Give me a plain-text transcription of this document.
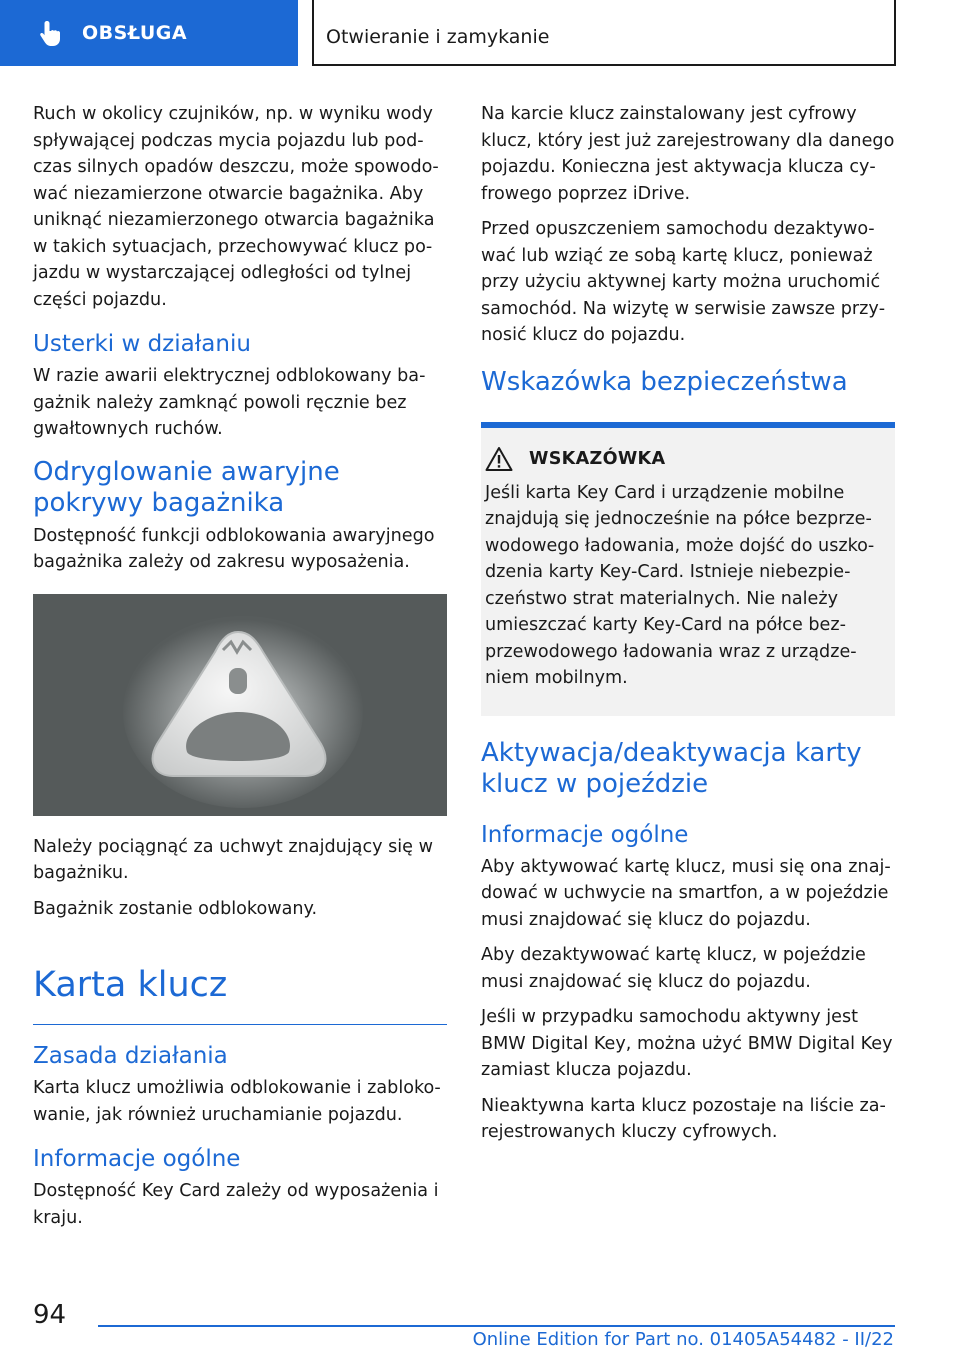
OBSŁUGA	Otwieranie i zamykanie

Ruch w okolicy czujników, np. w wyniku wody spływającej podczas mycia pojazdu lub podczas silnych opadów deszczu, może spowodować niezamierzone otwarcie bagażnika. Aby uniknąć niezamierzonego otwarcia bagażnika w takich sytuacjach, przechowywać klucz pojazdu w wystarczającej odległości od tylnej części pojazdu.

Usterki w działaniu

W razie awarii elektrycznej odblokowany bagażnik należy zamknąć powoli ręcznie bez gwałtownych ruchów.

Odryglowanie awaryjne pokrywy bagażnika

Dostępność funkcji odblokowania awaryjnego bagażnika zależy od zakresu wyposażenia.

Należy pociągnąć za uchwyt znajdujący się w bagażniku.

Bagażnik zostanie odblokowany.

Karta klucz
Zasada działania

Karta klucz umożliwia odblokowanie i zablokowanie, jak również uruchamianie pojazdu.

Informacje ogólne

Dostępność Key Card zależy od wyposażenia i kraju.

Na karcie klucz zainstalowany jest cyfrowy klucz, który jest już zarejestrowany dla danego pojazdu. Konieczna jest aktywacja klucza cyfrowego poprzez iDrive.

Przed opuszczeniem samochodu dezaktywować lub wziąć ze sobą kartę klucz, ponieważ przy użyciu aktywnej karty można uruchomić samochód. Na wizytę w serwisie zawsze przynosić klucz do pojazdu.

Wskazówka bezpieczeństwa
WSKAZÓWKA

Jeśli karta Key Card i urządzenie mobilne znajdują się jednocześnie na półce bezprzewodowego ładowania, może dojść do uszkodzenia karty Key-Card. Istnieje niebezpieczeństwo strat materialnych. Nie należy umieszczać karty Key-Card na półce bezprzewodowego ładowania wraz z urządzeniem mobilnym.

Aktywacja/deaktywacja karty klucz w pojeździe
Informacje ogólne

Aby aktywować kartę klucz, musi się ona znajdować w uchwycie na smartfon, a w pojeździe musi znajdować się klucz do pojazdu.

Aby dezaktywować kartę klucz, w pojeździe musi znajdować się klucz do pojazdu.

Jeśli w przypadku samochodu aktywny jest BMW Digital Key, można użyć BMW Digital Key zamiast klucza pojazdu.

Nieaktywna karta klucz pozostaje na liście zarejestrowanych kluczy cyfrowych.

94
Online Edition for Part no. 01405A54482 - II/22
